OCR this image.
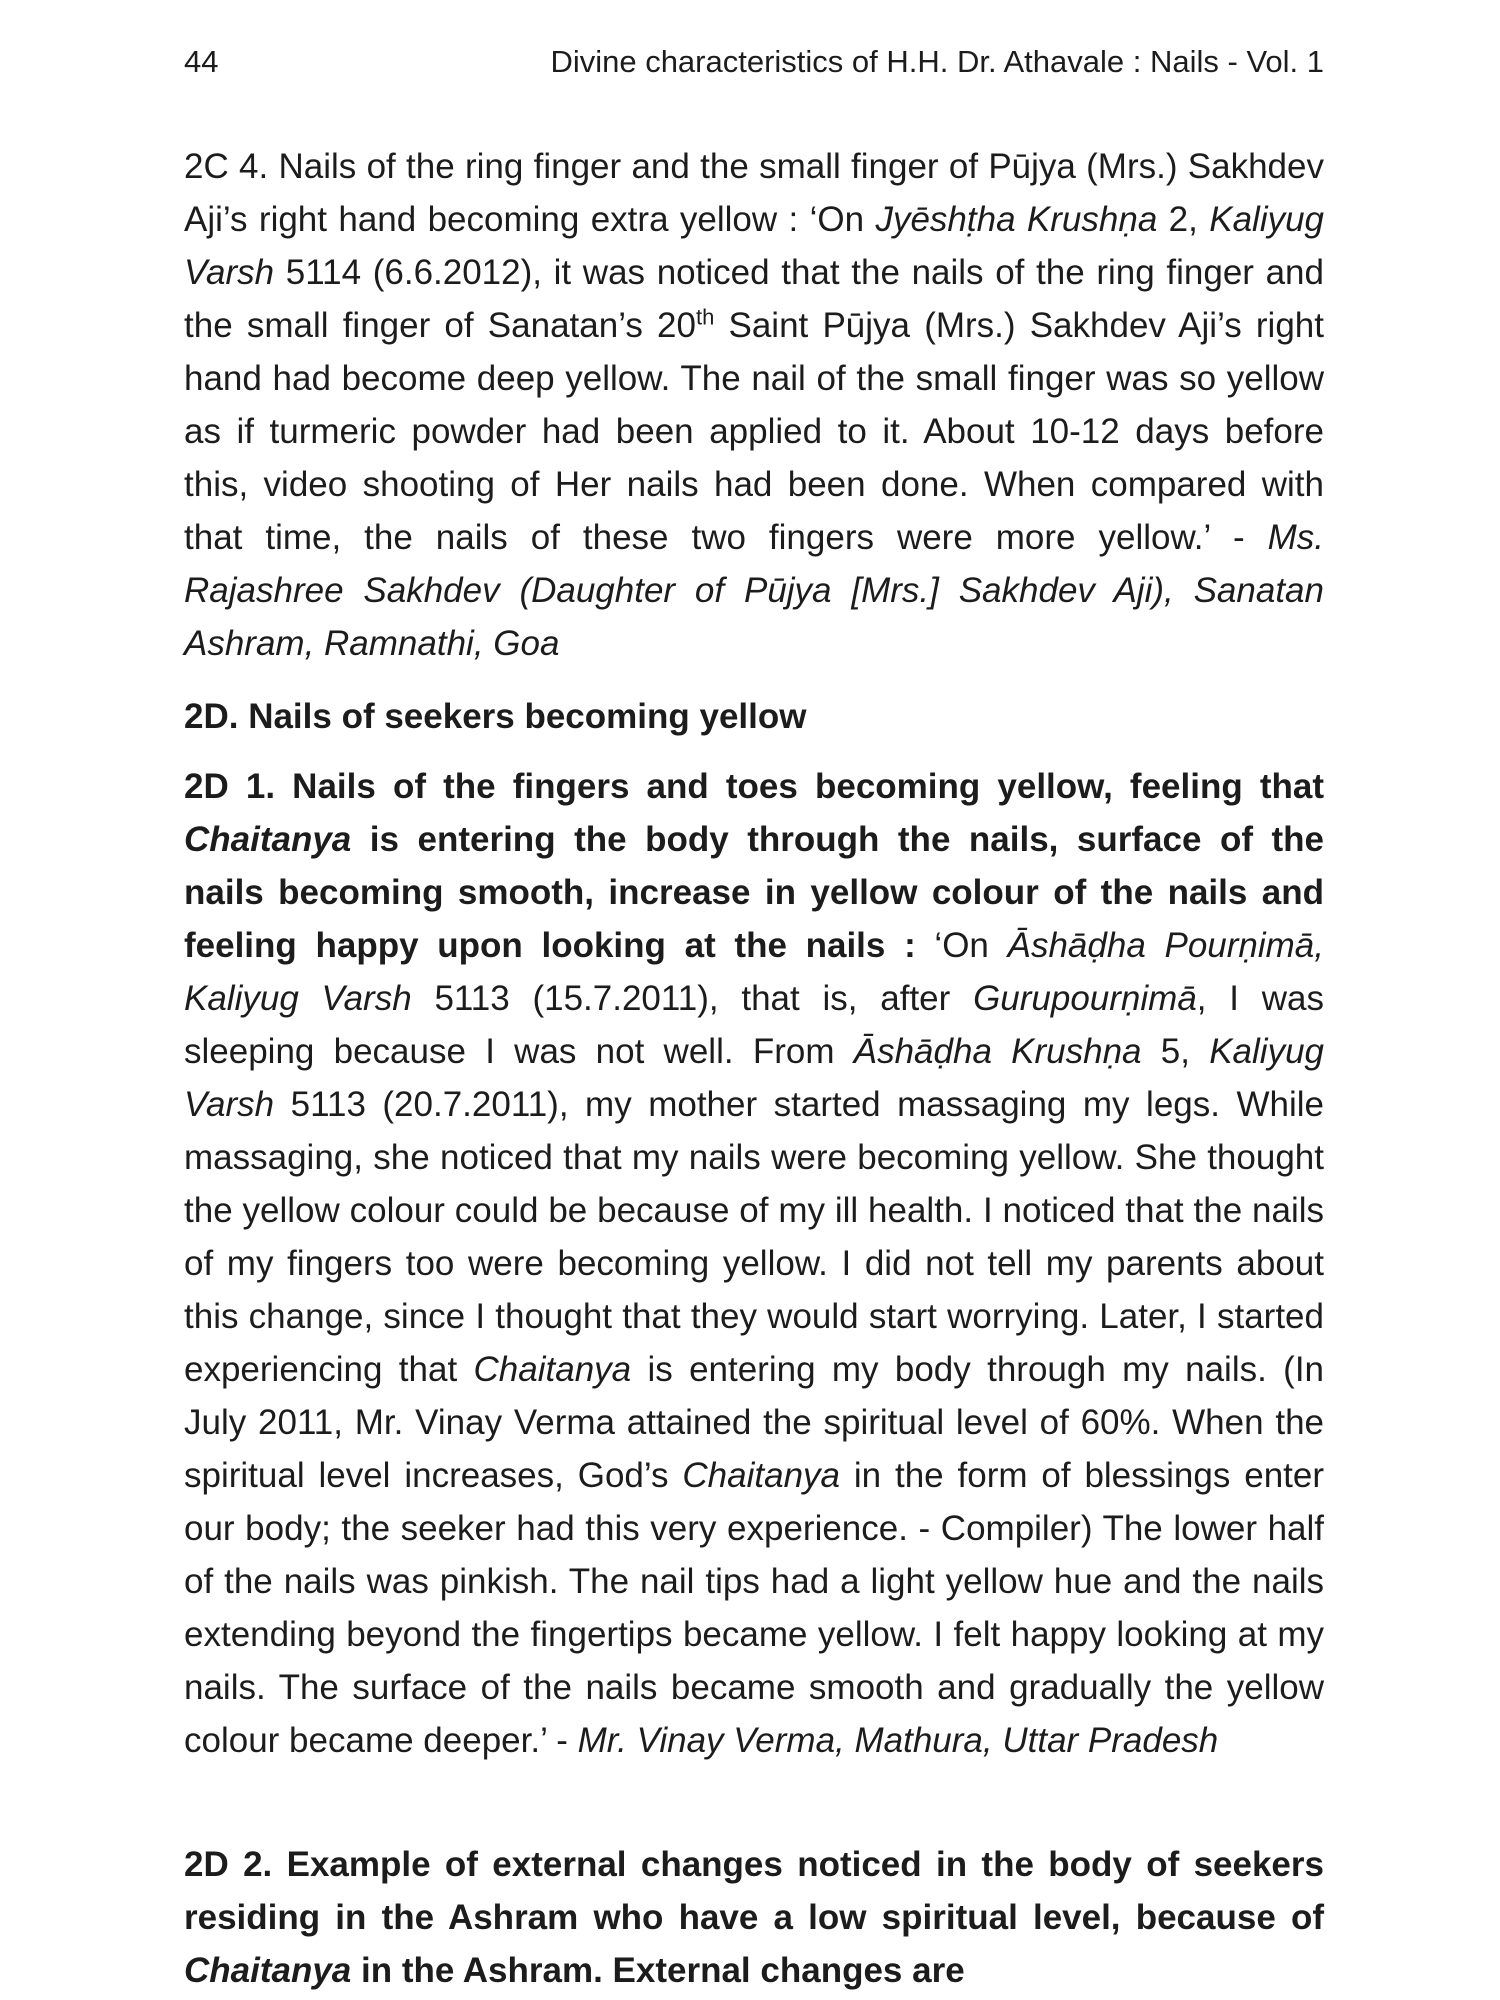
44	Divine characteristics of H.H. Dr. Athavale : Nails - Vol. 1

2C 4. Nails of the ring finger and the small finger of Pūjya (Mrs.) Sakhdev Aji’s right hand becoming extra yellow : ‘On Jyēshṭha Krushṇa 2, Kaliyug Varsh 5114 (6.6.2012), it was noticed that the nails of the ring finger and the small finger of Sanatan’s 20th Saint Pūjya (Mrs.) Sakhdev Aji’s right hand had become deep yellow. The nail of the small finger was so yellow as if turmeric powder had been applied to it. About 10-12 days before this, video shooting of Her nails had been done. When compared with that time, the nails of these two fingers were more yellow.’ - Ms. Rajashree Sakhdev (Daughter of Pūjya [Mrs.] Sakhdev Aji), Sanatan Ashram, Ramnathi, Goa

2D. Nails of seekers becoming yellow

2D 1. Nails of the fingers and toes becoming yellow, feeling that Chaitanya is entering the body through the nails, surface of the nails becoming smooth, increase in yellow colour of the nails and feeling happy upon looking at the nails : ‘On Āshāḍha Pourṇimā, Kaliyug Varsh 5113 (15.7.2011), that is, after Gurupourṇimā, I was sleeping because I was not well. From Āshāḍha Krushṇa 5, Kaliyug Varsh 5113 (20.7.2011), my mother started massaging my legs. While massaging, she noticed that my nails were becoming yellow. She thought the yellow colour could be because of my ill health. I noticed that the nails of my fingers too were becoming yellow. I did not tell my parents about this change, since I thought that they would start worrying. Later, I started experiencing that Chaitanya is entering my body through my nails. (In July 2011, Mr. Vinay Verma attained the spiritual level of 60%. When the spiritual level increases, God’s Chaitanya in the form of blessings enter our body; the seeker had this very experience. - Compiler) The lower half of the nails was pinkish. The nail tips had a light yellow hue and the nails extending beyond the fingertips became yellow. I felt happy looking at my nails. The surface of the nails became smooth and gradually the yellow colour became deeper.’ - Mr. Vinay Verma, Mathura, Uttar Pradesh

2D 2. Example of external changes noticed in the body of seekers residing in the Ashram who have a low spiritual level, because of Chaitanya in the Ashram. External changes are
